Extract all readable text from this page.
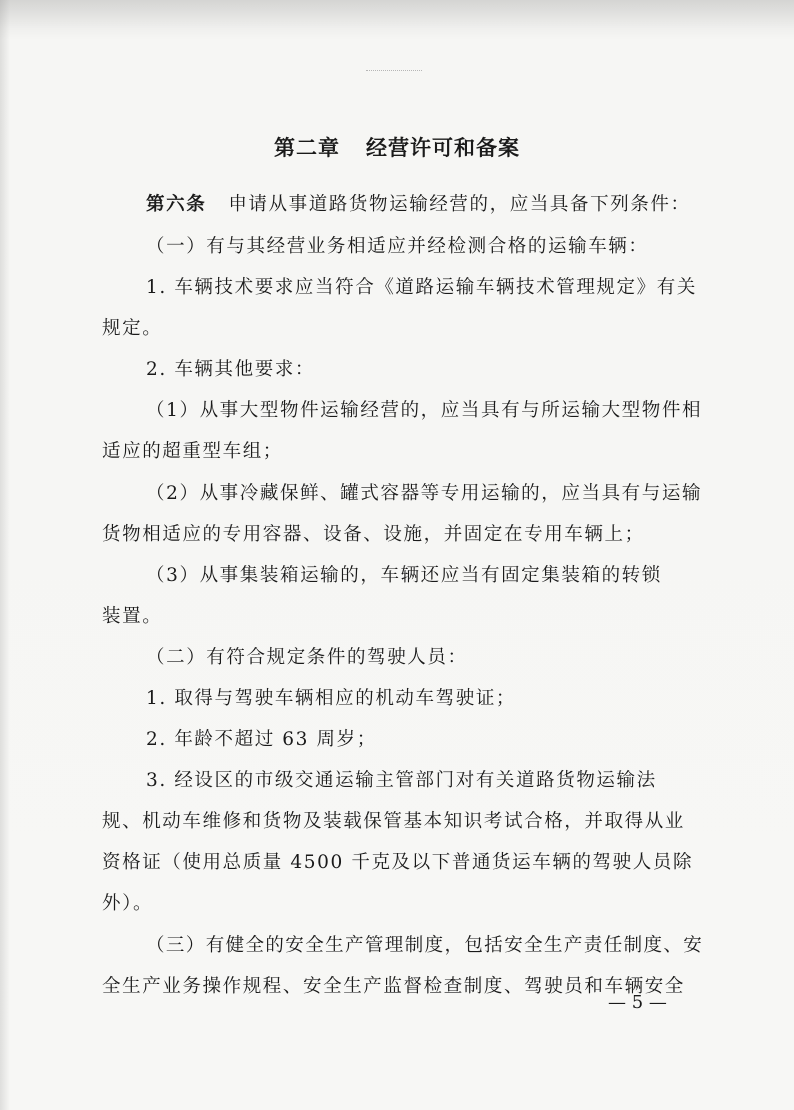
第二章 经营许可和备案
第六条 申请从事道路货物运输经营的，应当具备下列条件：
（一）有与其经营业务相适应并经检测合格的运输车辆：
1. 车辆技术要求应当符合《道路运输车辆技术管理规定》有关
规定。
2. 车辆其他要求：
（1）从事大型物件运输经营的，应当具有与所运输大型物件相
适应的超重型车组；
（2）从事冷藏保鲜、罐式容器等专用运输的，应当具有与运输
货物相适应的专用容器、设备、设施，并固定在专用车辆上；
（3）从事集装箱运输的，车辆还应当有固定集装箱的转锁
装置。
（二）有符合规定条件的驾驶人员：
1. 取得与驾驶车辆相应的机动车驾驶证；
2. 年龄不超过 63 周岁；
3. 经设区的市级交通运输主管部门对有关道路货物运输法
规、机动车维修和货物及装载保管基本知识考试合格，并取得从业
资格证（使用总质量 4500 千克及以下普通货运车辆的驾驶人员除
外）。
（三）有健全的安全生产管理制度，包括安全生产责任制度、安
全生产业务操作规程、安全生产监督检查制度、驾驶员和车辆安全
— 5 —
